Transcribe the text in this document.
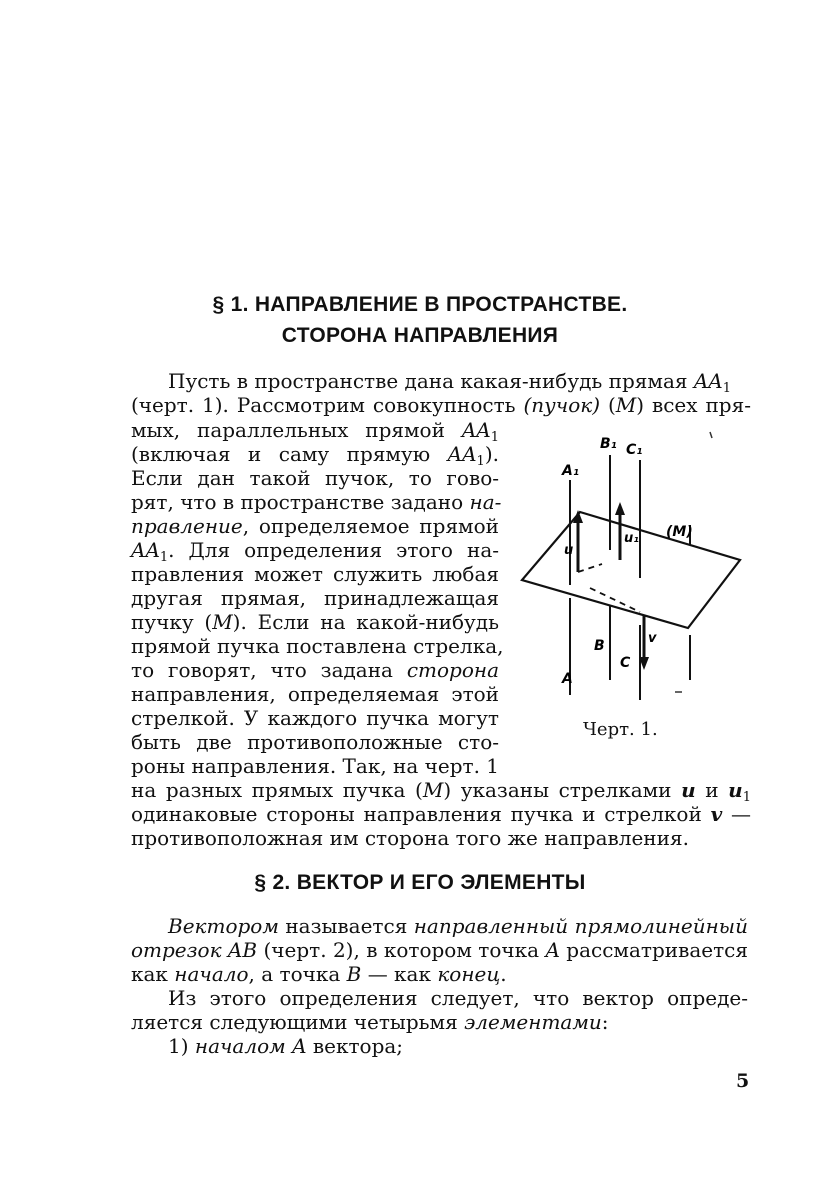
§ 1. НАПРАВЛЕНИЕ В ПРОСТРАНСТВЕ.
СТОРОНА НАПРАВЛЕНИЯ
Пусть в пространстве дана какая-нибудь прямая $AA_1$
(черт. 1). Рассмотрим совокупность (пучок) (M) всех пря-
мых, параллельных прямой $AA_1$
(включая и саму прямую $AA_1$).
Если дан такой пучок, то гово-
рят, что в пространстве задано на-
правление, определяемое прямой
$AA_1$. Для определения этого на-
правления может служить любая
другая прямая, принадлежащая
пучку (M). Если на какой-нибудь
прямой пучка поставлена стрелка,
то говорят, что задана сторона
направления, определяемая этой
стрелкой. У каждого пучка могут
быть две противоположные сто-
роны направления. Так, на черт. 1
на разных прямых пучка (M) указаны стрелками u и $u_1$
одинаковые стороны направления пучка и стрелкой v —
противоположная им сторона того же направления.
A₁
B₁ C₁
(M)
u
u₁
v
B
C
A
Черт. 1.
§ 2. ВЕКТОР И ЕГО ЭЛЕМЕНТЫ
Вектором называется направленный прямолинейный
отрезок AB (черт. 2), в котором точка A рассматривается
как начало, а точка B — как конец.
Из этого определения следует, что вектор опреде-
ляется следующими четырьмя элементами:
1) началом A вектора;
5
